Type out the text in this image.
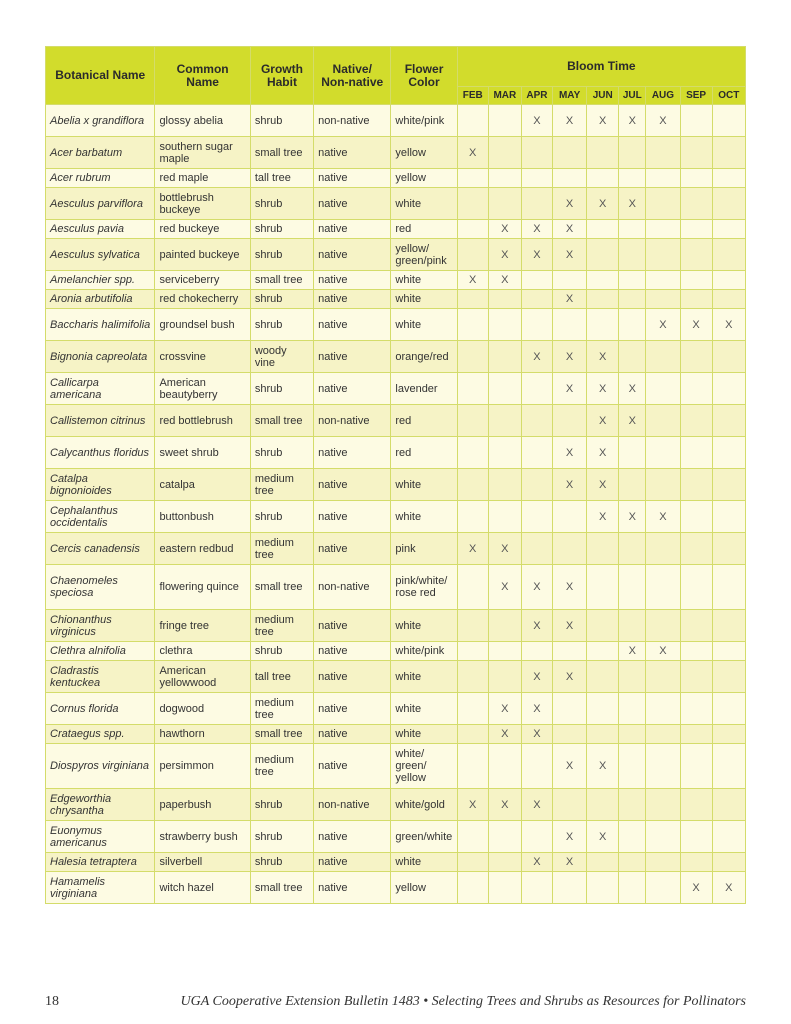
Botanical Name	Common Name	Growth Habit	Native/ Non-native	Flower Color	Bloom Time								
					FEB	MAR	APR	MAY	JUN	JUL	AUG	SEP	OCT
Abelia x grandiflora	glossy abelia	shrub	non-native	white/pink			X	X	X	X	X		
Acer barbatum	southern sugar maple	small tree	native	yellow	X								
Acer rubrum	red maple	tall tree	native	yellow									
Aesculus parviflora	bottlebrush buckeye	shrub	native	white				X	X	X			
Aesculus pavia	red buckeye	shrub	native	red		X	X	X					
Aesculus sylvatica	painted buckeye	shrub	native	yellow/ green/pink		X	X	X					
Amelanchier spp.	serviceberry	small tree	native	white	X	X							
Aronia arbutifolia	red chokecherry	shrub	native	white				X					
Baccharis halimifolia	groundsel bush	shrub	native	white							X	X	X
Bignonia capreolata	crossvine	woody vine	native	orange/red			X	X	X				
Callicarpa americana	American beautyberry	shrub	native	lavender				X	X	X			
Callistemon citrinus	red bottlebrush	small tree	non-native	red					X	X			
Calycanthus floridus	sweet shrub	shrub	native	red				X	X				
Catalpa bignonioides	catalpa	medium tree	native	white				X	X				
Cephalanthus occidentalis	buttonbush	shrub	native	white					X	X	X		
Cercis canadensis	eastern redbud	medium tree	native	pink	X	X							
Chaenomeles speciosa	flowering quince	small tree	non-native	pink/white/ rose red		X	X	X					
Chionanthus virginicus	fringe tree	medium tree	native	white			X	X					
Clethra alnifolia	clethra	shrub	native	white/pink						X	X		
Cladrastis kentuckea	American yellowwood	tall tree	native	white			X	X					
Cornus florida	dogwood	medium tree	native	white		X	X						
Crataegus spp.	hawthorn	small tree	native	white		X	X						
Diospyros virginiana	persimmon	medium tree	native	white/ green/ yellow				X	X				
Edgeworthia chrysantha	paperbush	shrub	non-native	white/gold	X	X	X						
Euonymus americanus	strawberry bush	shrub	native	green/white				X	X				
Halesia tetraptera	silverbell	shrub	native	white			X	X					
Hamamelis virginiana	witch hazel	small tree	native	yellow								X	X
18	UGA Cooperative Extension Bulletin 1483 • Selecting Trees and Shrubs as Resources for Pollinators
